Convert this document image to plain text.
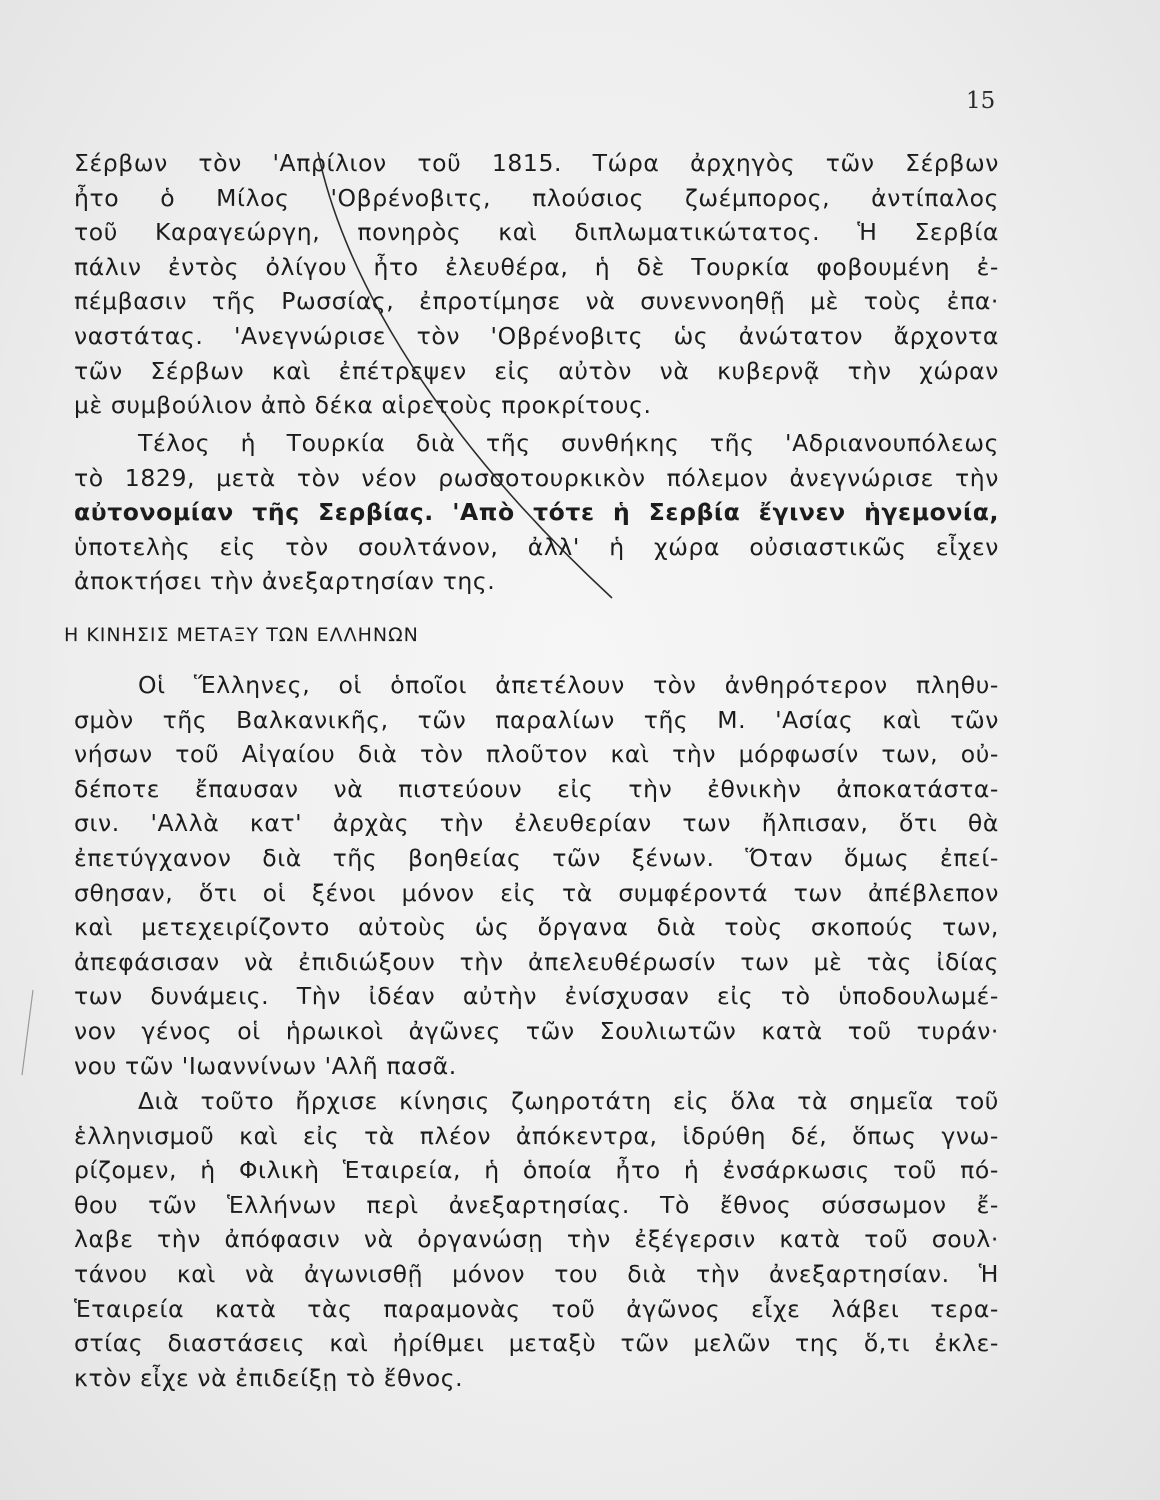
15
Σέρβων τὸν 'Απρίλιον τοῦ 1815. Τώρα ἀρχηγὸς τῶν Σέρβων
ἦτο ὁ Μίλος 'Οβρένοβιτς, πλούσιος ζωέμπορος, ἀντίπαλος
τοῦ Καραγεώργη, πονηρὸς καὶ διπλωματικώτατος. Ἡ Σερβία
πάλιν ἐντὸς ὀλίγου ἦτο ἐλευθέρα, ἡ δὲ Τουρκία φοβουμένη ἐ-
πέμβασιν τῆς Ρωσσίας, ἐπροτίμησε νὰ συνεννοηθῇ μὲ τοὺς ἐπα·
ναστάτας. 'Ανεγνώρισε τὸν 'Οβρένοβιτς ὡς ἀνώτατον ἄρχοντα
τῶν Σέρβων καὶ ἐπέτρεψεν εἰς αὐτὸν νὰ κυβερνᾷ τὴν χώραν
μὲ συμβούλιον ἀπὸ δέκα αἱρετοὺς προκρίτους.
Τέλος ἡ Τουρκία διὰ τῆς συνθήκης τῆς 'Αδριανουπόλεως
τὸ 1829, μετὰ τὸν νέον ρωσσοτουρκικὸν πόλεμον ἀνεγνώρισε τὴν
αὐτονομίαν τῆς Σερβίας. 'Απὸ τότε ἡ Σερβία ἔγινεν ἡγεμονία,
ὑποτελὴς εἰς τὸν σουλτάνον, ἀλλ' ἡ χώρα οὐσιαστικῶς εἶχεν
ἀποκτήσει τὴν ἀνεξαρτησίαν της.
Η ΚΙΝΗΣΙΣ ΜΕΤΑΞΥ ΤΩΝ ΕΛΛΗΝΩΝ
Οἱ Ἕλληνες, οἱ ὁποῖοι ἀπετέλουν τὸν ἀνθηρότερον πληθυ-
σμὸν τῆς Βαλκανικῆς, τῶν παραλίων τῆς Μ. 'Ασίας καὶ τῶν
νήσων τοῦ Αἰγαίου διὰ τὸν πλοῦτον καὶ τὴν μόρφωσίν των, οὐ-
δέποτε ἔπαυσαν νὰ πιστεύουν εἰς τὴν ἐθνικὴν ἀποκατάστα-
σιν. 'Αλλὰ κατ' ἀρχὰς τὴν ἐλευθερίαν των ἤλπισαν, ὅτι θὰ
ἐπετύγχανον διὰ τῆς βοηθείας τῶν ξένων. Ὅταν ὅμως ἐπεί-
σθησαν, ὅτι οἱ ξένοι μόνον εἰς τὰ συμφέροντά των ἀπέβλεπον
καὶ μετεχειρίζοντο αὐτοὺς ὡς ὄργανα διὰ τοὺς σκοπούς των,
ἀπεφάσισαν νὰ ἐπιδιώξουν τὴν ἀπελευθέρωσίν των μὲ τὰς ἰδίας
των δυνάμεις. Τὴν ἰδέαν αὐτὴν ἐνίσχυσαν εἰς τὸ ὑποδουλωμέ-
νον γένος οἱ ἡρωικοὶ ἀγῶνες τῶν Σουλιωτῶν κατὰ τοῦ τυράν·
νου τῶν 'Ιωαννίνων 'Αλῆ πασᾶ.
Διὰ τοῦτο ἤρχισε κίνησις ζωηροτάτη εἰς ὅλα τὰ σημεῖα τοῦ
ἑλληνισμοῦ καὶ εἰς τὰ πλέον ἀπόκεντρα, ἱδρύθη δέ, ὅπως γνω-
ρίζομεν, ἡ Φιλικὴ Ἑταιρεία, ἡ ὁποία ἦτο ἡ ἐνσάρκωσις τοῦ πό-
θου τῶν Ἑλλήνων περὶ ἀνεξαρτησίας. Τὸ ἔθνος σύσσωμον ἔ-
λαβε τὴν ἀπόφασιν νὰ ὀργανώσῃ τὴν ἐξέγερσιν κατὰ τοῦ σουλ·
τάνου καὶ νὰ ἀγωνισθῇ μόνον του διὰ τὴν ἀνεξαρτησίαν. Ἡ
Ἑταιρεία κατὰ τὰς παραμονὰς τοῦ ἀγῶνος εἶχε λάβει τερα-
στίας διαστάσεις καὶ ἠρίθμει μεταξὺ τῶν μελῶν της ὅ,τι ἐκλε-
κτὸν εἶχε νὰ ἐπιδείξῃ τὸ ἔθνος.
